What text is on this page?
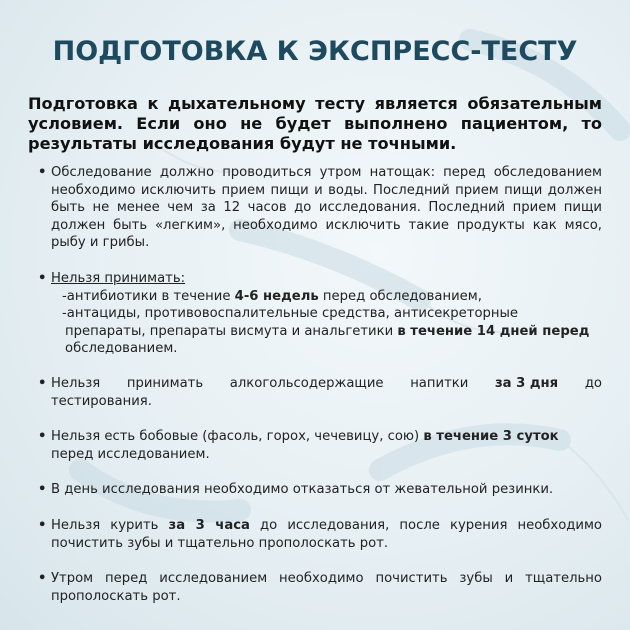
ПОДГОТОВКА К ЭКСПРЕСС-ТЕСТУ
Подготовка к дыхательному тесту является обязательным условием. Если оно не будет выполнено пациентом, то результаты исследования будут не точными.
• Обследование должно проводиться утром натощак: перед обследованием необходимо исключить прием пищи и воды. Последний прием пищи должен быть не менее чем за 12 часов до исследования. Последний прием пищи должен быть «легким», необходимо исключить такие продукты как мясо, рыбу и грибы.
• Нельзя принимать:
-антибиотики в течение 4-6 недель перед обследованием,
-антациды, противовоспалительные средства, антисекреторные
препараты, препараты висмута и анальгетики в течение 14 дней перед
обследованием.
• Нельзя принимать алкогольсодержащие напитки за 3 дня до
тестирования.
• Нельзя есть бобовые (фасоль, горох, чечевицу, сою) в течение 3 суток
перед исследованием.
• В день исследования необходимо отказаться от жевательной резинки.
• Нельзя курить за 3 часа до исследования, после курения необходимо почистить зубы и тщательно прополоскать рот.
• Утром перед исследованием необходимо почистить зубы и тщательно прополоскать рот.
